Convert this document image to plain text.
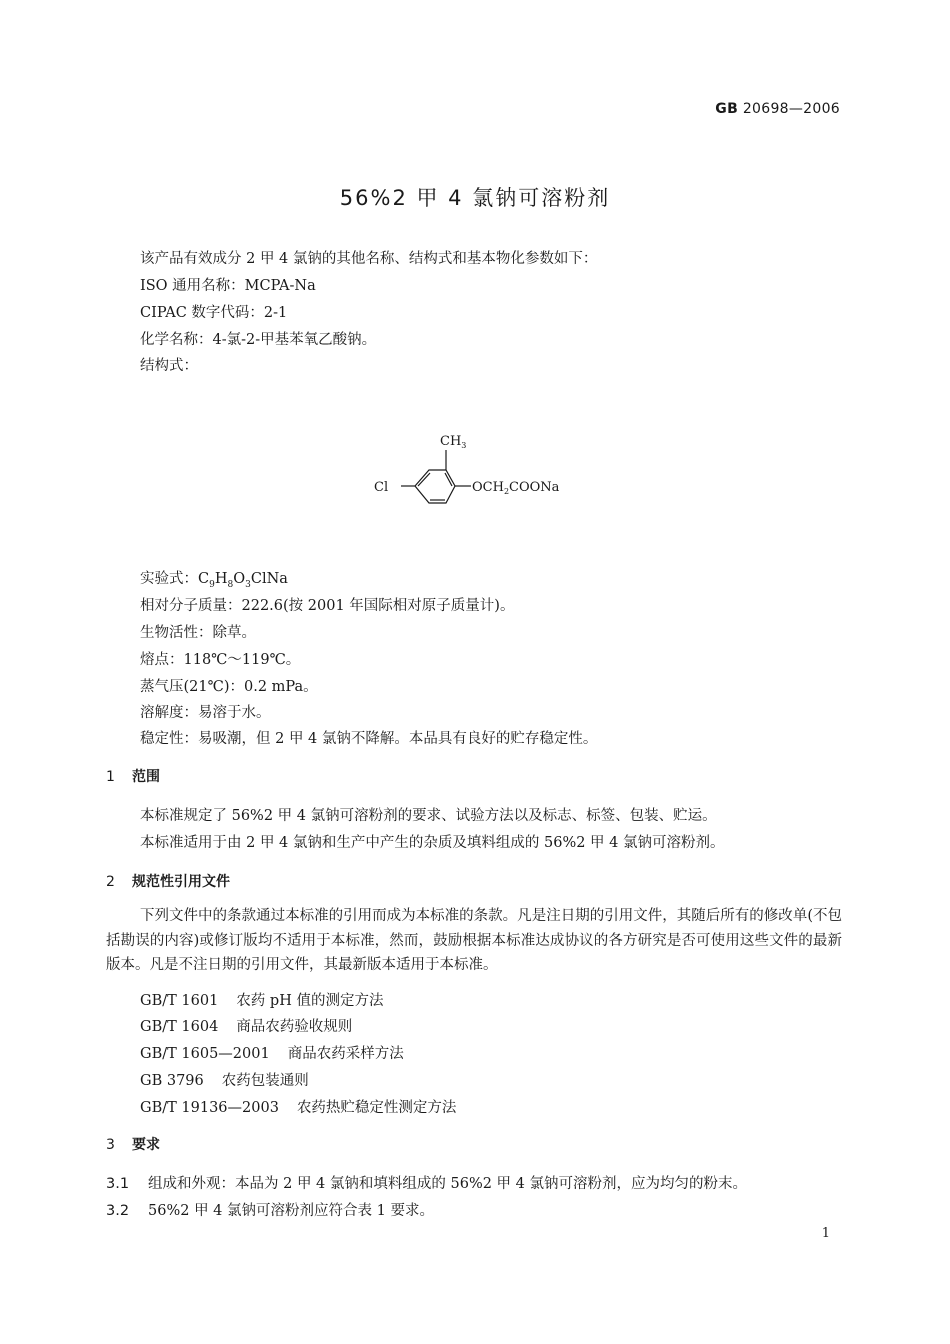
GB 20698—2006
56%2 甲 4 氯钠可溶粉剂
该产品有效成分 2 甲 4 氯钠的其他名称、结构式和基本物化参数如下：
ISO 通用名称：MCPA-Na
CIPAC 数字代码：2-1
化学名称：4-氯-2-甲基苯氧乙酸钠。
结构式：
$CH_3$
Cl	$OCH_2COONa$
实验式：$C_9H_8O_3ClNa$
相对分子质量：222.6(按 2001 年国际相对原子质量计)。
生物活性：除草。
熔点：118℃～119℃。
蒸气压(21℃)：0.2 mPa。
溶解度：易溶于水。
稳定性：易吸潮，但 2 甲 4 氯钠不降解。本品具有良好的贮存稳定性。
1 范围
本标准规定了 56%2 甲 4 氯钠可溶粉剂的要求、试验方法以及标志、标签、包装、贮运。
本标准适用于由 2 甲 4 氯钠和生产中产生的杂质及填料组成的 56%2 甲 4 氯钠可溶粉剂。
2 规范性引用文件
下列文件中的条款通过本标准的引用而成为本标准的条款。凡是注日期的引用文件，其随后所有的修改单(不包括勘误的内容)或修订版均不适用于本标准，然而，鼓励根据本标准达成协议的各方研究是否可使用这些文件的最新版本。凡是不注日期的引用文件，其最新版本适用于本标准。
GB/T 1601 农药 pH 值的测定方法
GB/T 1604 商品农药验收规则
GB/T 1605—2001 商品农药采样方法
GB 3796 农药包装通则
GB/T 19136—2003 农药热贮稳定性测定方法
3 要求
3.1 组成和外观：本品为 2 甲 4 氯钠和填料组成的 56%2 甲 4 氯钠可溶粉剂，应为均匀的粉末。
3.2 56%2 甲 4 氯钠可溶粉剂应符合表 1 要求。
1
